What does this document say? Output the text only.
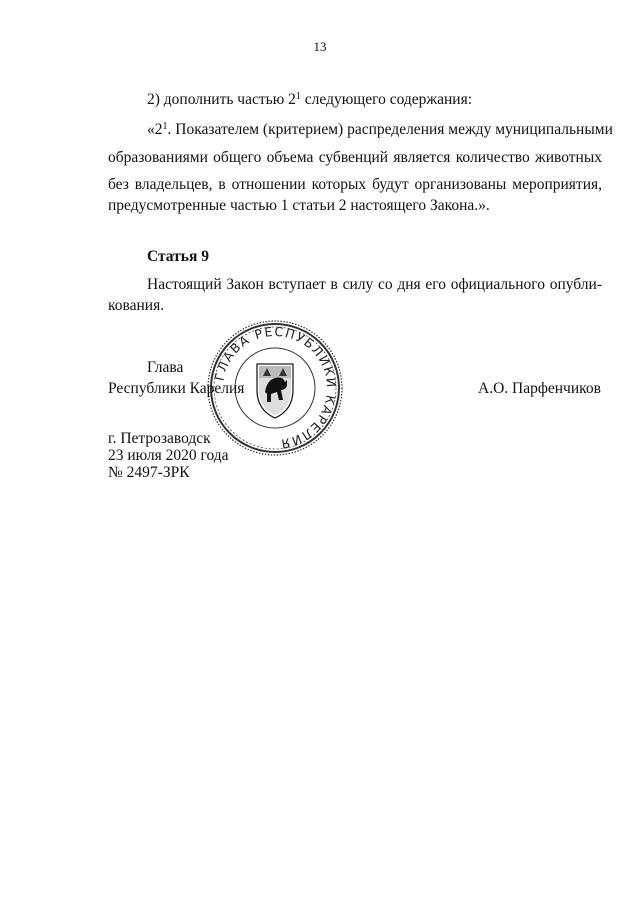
13
2) дополнить частью $2^1$ следующего содержания:
«$2^1$. Показателем (критерием) распределения между муниципальными
образованиями общего объема субвенций является количество животных
без владельцев, в отношении которых будут организованы мероприятия,
предусмотренные частью 1 статьи 2 настоящего Закона.».
Статья 9
Настоящий Закон вступает в силу со дня его официального опубли-
кования.
ГЛАВА РЕСПУБЛИКИ КАРЕЛИЯ
Глава
Республики Карелия	А.О. Парфенчиков
г. Петрозаводск
23 июля 2020 года
№ 2497-ЗРК
